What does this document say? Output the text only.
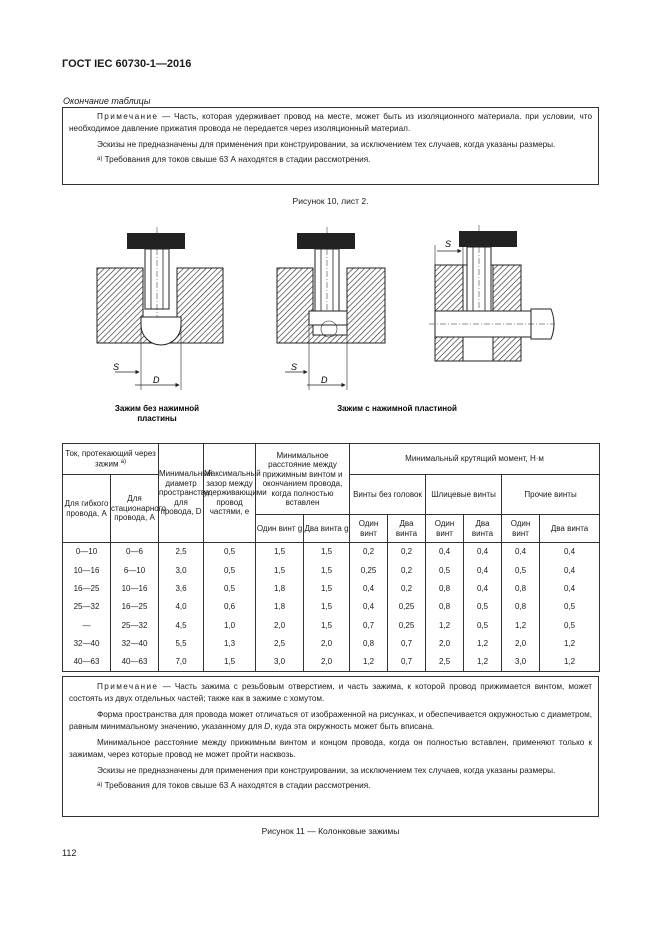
ГОСТ IEC 60730-1—2016
Окончание таблицы

Примечание — Часть, которая удерживает провод на месте, может быть из изоляционного материала. при условии, что необходимое давление прижатия провода не передается через изоляционный материал.

Эскизы не предназначены для применения при конструировании, за исключением тех случаев, когда указаны размеры.

$^{а)}$ Требования для токов свыше 63 А находятся в стадии рассмотрения.

Рисунок 10, лист 2.
S
D
Зажим без нажимной
пластины
S
D
S
Зажим с нажимной пластиной
Ток, протекающий через зажим $^{а)}$		Минимальный диаметр пространства для провода, D	Максимальный зазор между удерживающими провод частями, е	Минимальное расстояние между прижимным винтом и окончанием провода, когда полностью вставлен		Минимальный крутящий момент, Н·м					
Для гибкого провода, А	Для стационарного провода, А					Винты без головок		Шлицевые винты		Прочие винты	
				Один винт g	Два винта g	Один винт	Два винта	Один винт	Два винта	Один винт	Два винта
0—10	0—6	2,5	0,5	1,5	1,5	0,2	0,2	0,4	0,4	0,4	0,4
10—16	6—10	3,0	0,5	1,5	1,5	0,25	0,2	0,5	0,4	0,5	0,4
16—25	10—16	3,6	0,5	1,8	1,5	0,4	0,2	0,8	0,4	0,8	0,4
25—32	16—25	4,0	0,6	1,8	1,5	0,4	0,25	0,8	0,5	0,8	0,5
—	25—32	4,5	1,0	2,0	1,5	0,7	0,25	1,2	0,5	1,2	0,5
32—40	32—40	5,5	1,3	2,5	2,0	0,8	0,7	2,0	1,2	2,0	1,2
40—63	40—63	7,0	1,5	3,0	2,0	1,2	0,7	2,5	1,2	3,0	1,2

Примечание — Часть зажима с резьбовым отверстием, и часть зажима, к которой провод прижимается винтом, может состоять из двух отдельных частей; также как в зажиме с хомутом.

Форма пространства для провода может отличаться от изображенной на рисунках, и обеспечивается окружностью с диаметром, равным минимальному значению, указанному для D, куда эта окружность может быть вписана.

Минимальное расстояние между прижимным винтом и концом провода, когда он полностью вставлен, применяют только к зажимам, через которые провод не может пройти насквозь.

Эскизы не предназначены для применения при конструировании, за исключением тех случаев, когда указаны размеры.

$^{а)}$ Требования для токов свыше 63 А находятся в стадии рассмотрения.

Рисунок 11 — Колонковые зажимы
112
